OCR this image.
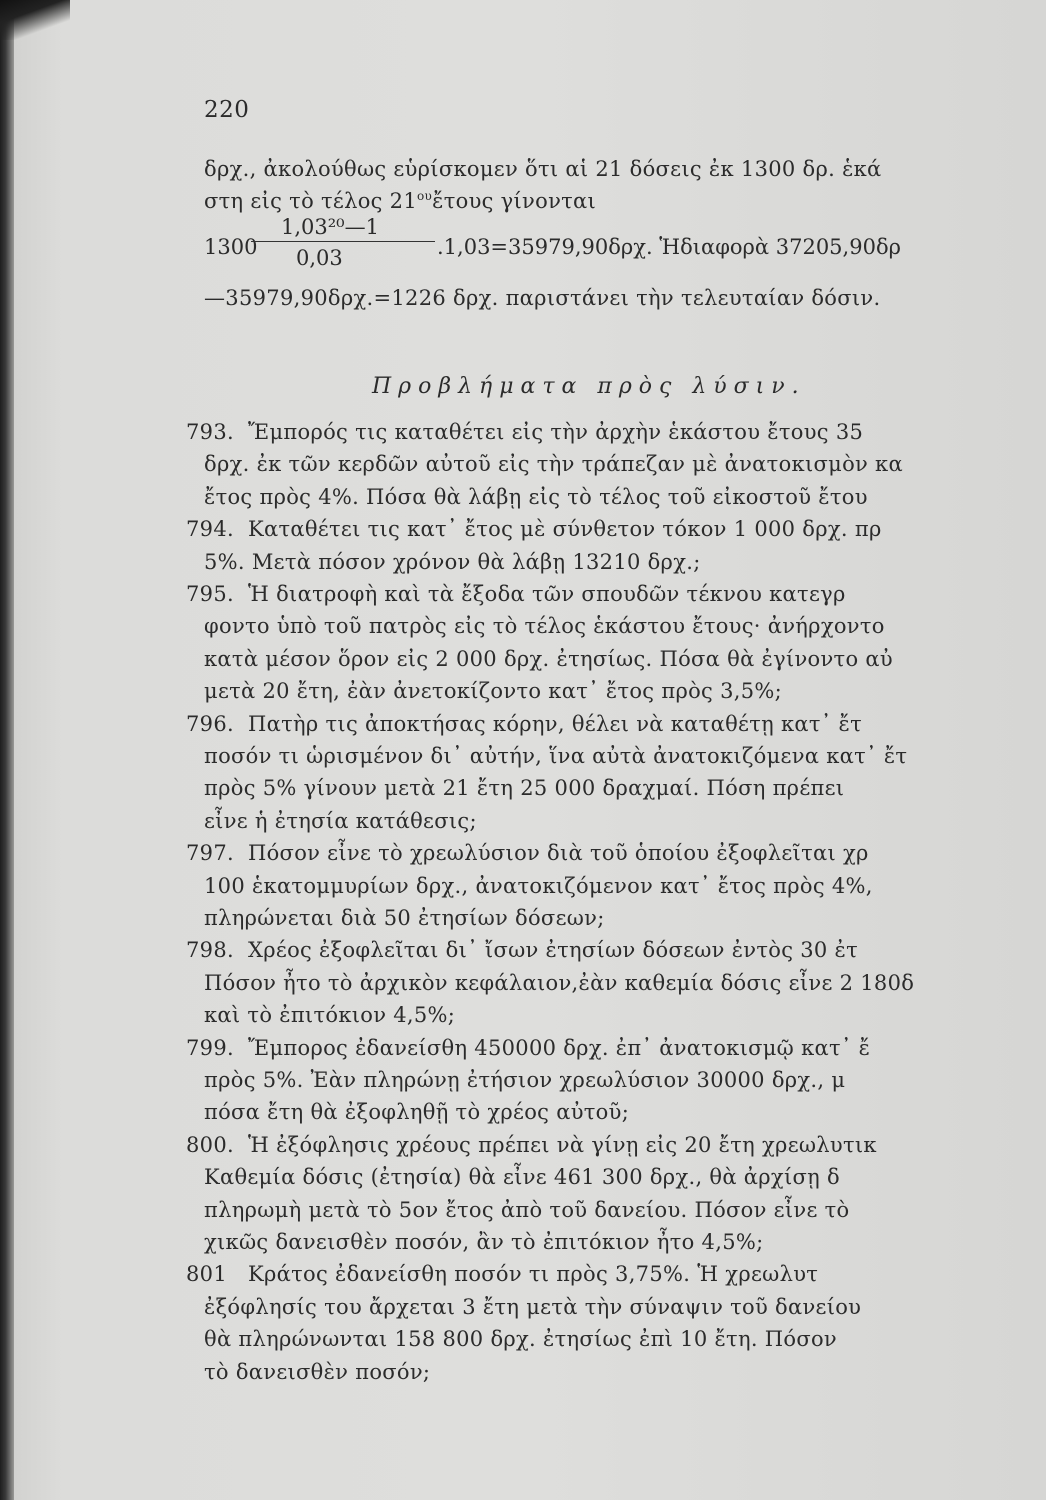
220
δρχ., ἀκολούθως εὑρίσκομεν ὅτι αἱ 21 δόσεις ἐκ 1300 δρ. ἑκά
στη εἰς τὸ τέλος $21^{o\upsilon}ἔ\tau o\upsilon\varsigma$ γίνονται
1300
1,03²⁰—1
0,03	.1,03=35979,90δρχ. Ἡδιαφορὰ 37205,90δρ
—35979,90δρχ.=1226 δρχ. παριστάνει τὴν τελευταίαν δόσιν.
Προβλήματα πρὸς λύσιν.
793. Ἔμπορός τις καταθέτει εἰς τὴν ἀρχὴν ἑκάστου ἔτους 35
δρχ. ἐκ τῶν κερδῶν αὐτοῦ εἰς τὴν τράπεζαν μὲ ἀνατοκισμὸν κα
ἔτος πρὸς 4%. Πόσα θὰ λάβῃ εἰς τὸ τέλος τοῦ εἰκοστοῦ ἔτου
794. Καταθέτει τις κατ᾽ ἔτος μὲ σύνθετον τόκον 1 000 δρχ. πρ
5%. Μετὰ πόσον χρόνον θὰ λάβῃ 13210 δρχ.;
795. Ἡ διατροφὴ καὶ τὰ ἔξοδα τῶν σπουδῶν τέκνου κατεγρ
φοντο ὑπὸ τοῦ πατρὸς εἰς τὸ τέλος ἑκάστου ἔτους· ἀνήρχοντο
κατὰ μέσον ὅρον εἰς 2 000 δρχ. ἐτησίως. Πόσα θὰ ἐγίνοντο αὐ
μετὰ 20 ἔτη, ἐὰν ἀνετοκίζοντο κατ᾽ ἔτος πρὸς 3,5%;
796. Πατὴρ τις ἀποκτήσας κόρην, θέλει νὰ καταθέτῃ κατ᾽ ἔτ
ποσόν τι ὡρισμένον δι᾽ αὐτήν, ἵνα αὐτὰ ἀνατοκιζόμενα κατ᾽ ἔτ
πρὸς 5% γίνουν μετὰ 21 ἔτη 25 000 δραχμαί. Πόση πρέπει
εἶνε ἡ ἐτησία κατάθεσις;
797. Πόσον εἶνε τὸ χρεωλύσιον διὰ τοῦ ὁποίου ἐξοφλεῖται χρ
100 ἑκατομμυρίων δρχ., ἀνατοκιζόμενον κατ᾽ ἔτος πρὸς 4%,
πληρώνεται διὰ 50 ἐτησίων δόσεων;
798. Χρέος ἐξοφλεῖται δι᾽ ἴσων ἐτησίων δόσεων ἐντὸς 30 ἐτ
Πόσον ἦτο τὸ ἀρχικὸν κεφάλαιον,ἐὰν καθεμία δόσις εἶνε 2 180δ
καὶ τὸ ἐπιτόκιον 4,5%;
799. Ἔμπορος ἐδανείσθη 450000 δρχ. ἐπ᾽ ἀνατοκισμῷ κατ᾽ ἔ
πρὸς 5%. Ἐὰν πληρώνῃ ἐτήσιον χρεωλύσιον 30000 δρχ., μ
πόσα ἔτη θὰ ἐξοφληθῇ τὸ χρέος αὐτοῦ;
800. Ἡ ἐξόφλησις χρέους πρέπει νὰ γίνῃ εἰς 20 ἔτη χρεωλυτικ
Καθεμία δόσις (ἐτησία) θὰ εἶνε 461 300 δρχ., θὰ ἀρχίσῃ δ
πληρωμὴ μετὰ τὸ 5ον ἔτος ἀπὸ τοῦ δανείου. Πόσον εἶνε τὸ
χικῶς δανεισθὲν ποσόν, ἂν τὸ ἐπιτόκιον ἦτο 4,5%;
801 Κράτος ἐδανείσθη ποσόν τι πρὸς 3,75%. Ἡ χρεωλυτ
ἐξόφλησίς του ἄρχεται 3 ἔτη μετὰ τὴν σύναψιν τοῦ δανείου
θὰ πληρώνωνται 158 800 δρχ. ἐτησίως ἐπὶ 10 ἔτη. Πόσον
τὸ δανεισθὲν ποσόν;
